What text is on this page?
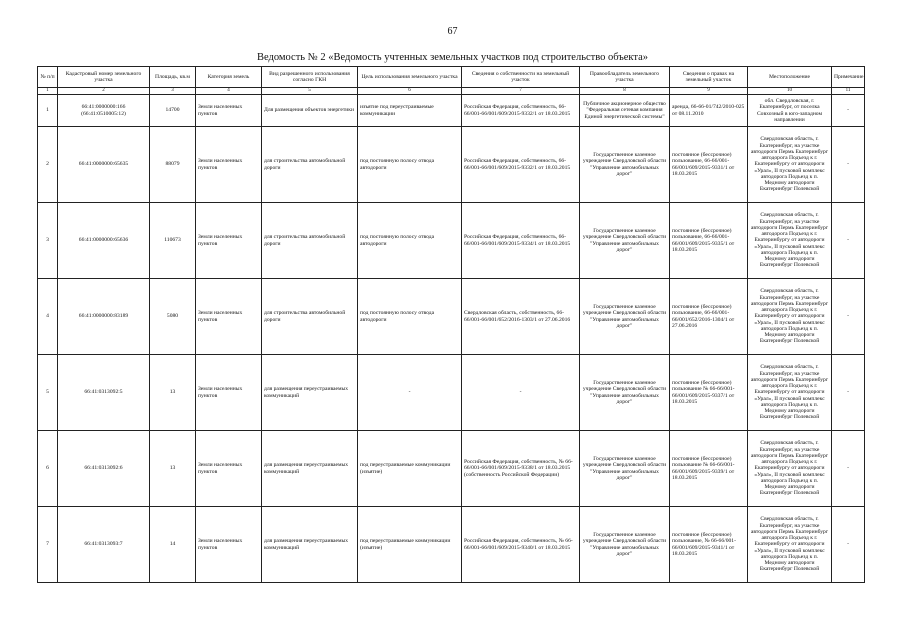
67
Ведомость № 2 «Ведомость учтенных земельных участков под строительство объекта»
№ п/п	Кадастровый номер земельного участка	Площадь, кв.м	Категория земель	Вид разрешенного использования согласно ГКН	Цель использования земельного участка	Сведения о собственности на земельный участок	Правообладатель земельного участка	Сведения о правах на земельный участок	Местоположение	Примечание
1	2	3	4	5	6	7	8	9	10	11
1	66:41:0000000:166 (66:41:0510005:12)	14700	Земли населенных пунктов	Для размещения объектов энергетики	изъятие под переустраиваемые коммуникации	Российская Федерация, собственность, 66-66/001-66/001/609/2015-9332/1 от 18.03.2015	Публичное акционерное общество "Федеральная сетевая компания Единой энергетической системы"	аренда, 66-66-01/742/2010-025 от 08.11.2010	обл. Свердловская, г. Екатеринбург, от поселка Совхозный в юго-западном направлении	-
2	66:41:0000000:65635	88079	Земли населенных пунктов	для строительства автомобильной дороги	под постоянную полосу отвода автодороги	Российская Федерация, собственность, 66-66/001-66/001/609/2015-9332/1 от 18.03.2015	Государственное казенное учреждение Свердловской области "Управление автомобильных дорог"	постоянное (бессрочное) пользование, 66-66/001-66/001/609/2015-9331/1 от 18.03.2015	Свердловская область, г. Екатеринбург, на участке автодороги Пермь Екатеринбург автодорога Подъезд к г. Екатеринбургу от автодороги «Урал», II пусковой комплекс автодорога Подъезд к п. Медному автодороги Екатеринбург Полевской	-
3	66:41:0000000:65636	110673	Земли населенных пунктов	для строительства автомобильной дороги	под постоянную полосу отвода автодороги	Российская Федерация, собственность, 66-66/001-66/001/609/2015-9334/1 от 18.03.2015	Государственное казенное учреждение Свердловской области "Управление автомобильных дорог"	постоянное (бессрочное) пользование, 66-66/001-66/001/609/2015-9335/1 от 18.03.2015	Свердловская область, г. Екатеринбург, на участке автодороги Пермь Екатеринбург автодорога Подъезд к г. Екатеринбургу от автодороги «Урал», II пусковой комплекс автодорога Подъезд к п. Медному автодороги Екатеринбург Полевской	-
4	66:41:0000000:83189	5080	Земли населенных пунктов	для строительства автомобильной дороги	под постоянную полосу отвода автодороги	Свердловская область, собственность, 66-66/001-66/001/652/2016-1303/1 от 27.06.2016	Государственное казенное учреждение Свердловской области "Управление автомобильных дорог"	постоянное (бессрочное) пользование, 66-66/001-66/001/652/2016-1304/1 от 27.06.2016	Свердловская область, г. Екатеринбург, на участке автодороги Пермь Екатеринбург автодорога Подъезд к г. Екатеринбургу от автодороги «Урал», II пусковой комплекс автодорога Подъезд к п. Медному автодороги Екатеринбург Полевской	-
5	66:41:0313092:5	13	Земли населенных пунктов	для размещения переустраиваемых коммуникаций	-	-	Государственное казенное учреждение Свердловской области "Управление автомобильных дорог"	постоянное (бессрочное) пользование № 66-66/001-66/001/609/2015-9337/1 от 18.03.2015	Свердловская область, г. Екатеринбург, на участке автодороги Пермь Екатеринбург автодорога Подъезд к г. Екатеринбургу от автодороги «Урал», II пусковой комплекс автодорога Подъезд к п. Медному автодороги Екатеринбург Полевской	-
6	66:41:0313092:6	13	Земли населенных пунктов	для размещения переустраиваемых коммуникаций	под переустраиваемые коммуникации (изъятие)	Российская Федерация, собственность, № 66-66/001-66/001/609/2015-9338/1 от 18.03.2015 (собственность Российской Федерации)	Государственное казенное учреждение Свердловской области "Управление автомобильных дорог"	постоянное (бессрочное) пользование № 66-66/001-66/001/609/2015-9339/1 от 18.03.2015	Свердловская область, г. Екатеринбург, на участке автодороги Пермь Екатеринбург автодорога Подъезд к г. Екатеринбургу от автодороги «Урал», II пусковой комплекс автодорога Подъезд к п. Медному автодороги Екатеринбург Полевской	-
7	66:41:0313093:7	14	Земли населенных пунктов	для размещения переустраиваемых коммуникаций	под переустраиваемые коммуникации (изъятие)	Российская Федерация, собственность, № 66-66/001-66/001/609/2015-9340/1 от 18.03.2015	Государственное казенное учреждение Свердловской области "Управление автомобильных дорог"	постоянное (бессрочное) пользование, № 66-66/001-66/001/609/2015-9341/1 от 18.03.2015	Свердловская область, г. Екатеринбург, на участке автодороги Пермь Екатеринбург автодорога Подъезд к г. Екатеринбургу от автодороги «Урал», II пусковой комплекс автодорога Подъезд к п. Медному автодороги Екатеринбург Полевской	-
